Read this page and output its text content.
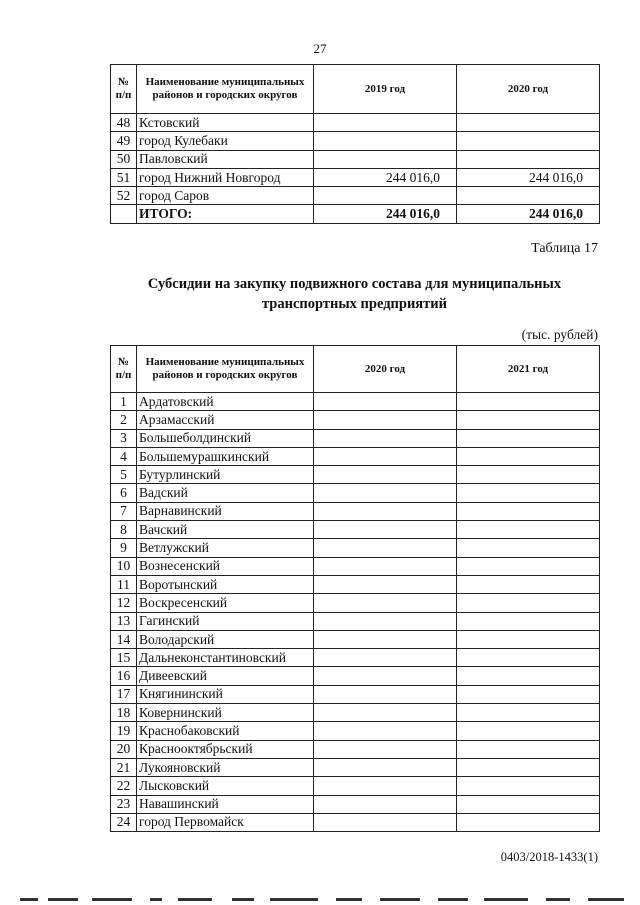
27
№ п/п	Наименование муниципальных районов и городских округов	2019 год	2020 год
48	Кстовский		
49	город Кулебаки		
50	Павловский		
51	город Нижний Новгород	244 016,0	244 016,0
52	город Саров		
	ИТОГО:	244 016,0	244 016,0
Таблица 17
Субсидии на закупку подвижного состава для муниципальных транспортных предприятий
(тыс. рублей)
№ п/п	Наименование муниципальных районов и городских округов	2020 год	2021 год
1	Ардатовский		
2	Арзамасский		
3	Большеболдинский		
4	Большемурашкинский		
5	Бутурлинский		
6	Вадский		
7	Варнавинский		
8	Вачский		
9	Ветлужский		
10	Вознесенский		
11	Воротынский		
12	Воскресенский		
13	Гагинский		
14	Володарский		
15	Дальнеконстантиновский		
16	Дивеевский		
17	Княгининский		
18	Ковернинский		
19	Краснобаковский		
20	Краснооктябрьский		
21	Лукояновский		
22	Лысковский		
23	Навашинский		
24	город Первомайск		
0403/2018-1433(1)
